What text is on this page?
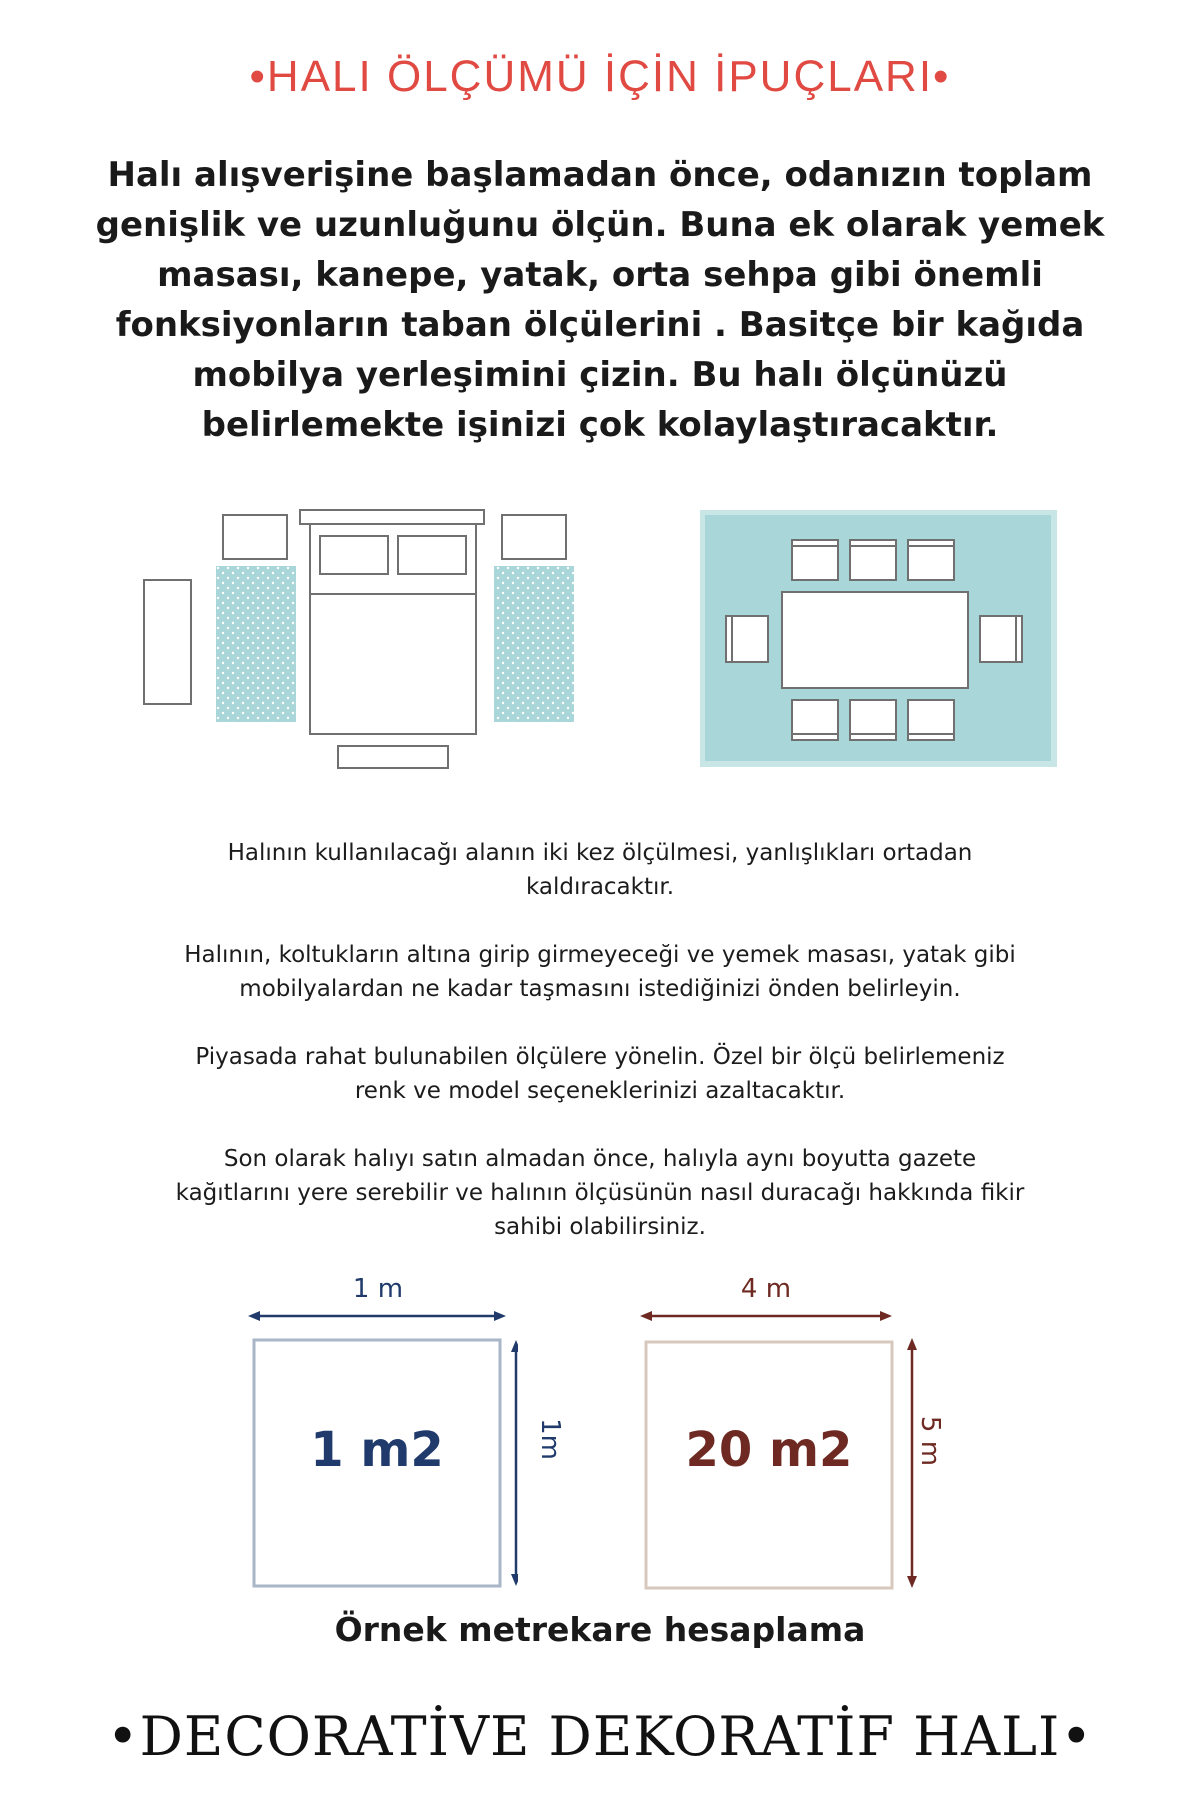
•HALI ÖLÇÜMÜ İÇİN İPUÇLARI•
Halı alışverişine başlamadan önce, odanızın toplam
genişlik ve uzunluğunu ölçün. Buna ek olarak yemek
masası, kanepe, yatak, orta sehpa gibi önemli
fonksiyonların taban ölçülerini . Basitçe bir kağıda
mobilya yerleşimini çizin. Bu halı ölçünüzü
belirlemekte işinizi çok kolaylaştıracaktır.

Halının kullanılacağı alanın iki kez ölçülmesi, yanlışlıkları ortadan
kaldıracaktır.

Halının, koltukların altına girip girmeyeceği ve yemek masası, yatak gibi
mobilyalardan ne kadar taşmasını istediğinizi önden belirleyin.

Piyasada rahat bulunabilen ölçülere yönelin. Özel bir ölçü belirlemeniz
renk ve model seçeneklerinizi azaltacaktır.

Son olarak halıyı satın almadan önce, halıyla aynı boyutta gazete
kağıtlarını yere serebilir ve halının ölçüsünün nasıl duracağı hakkında fikir
sahibi olabilirsiniz.

1 m
1 m2	1m
4 m
20 m2	5 m
Örnek metrekare hesaplama
•DECORATİVE DEKORATİF HALI•
